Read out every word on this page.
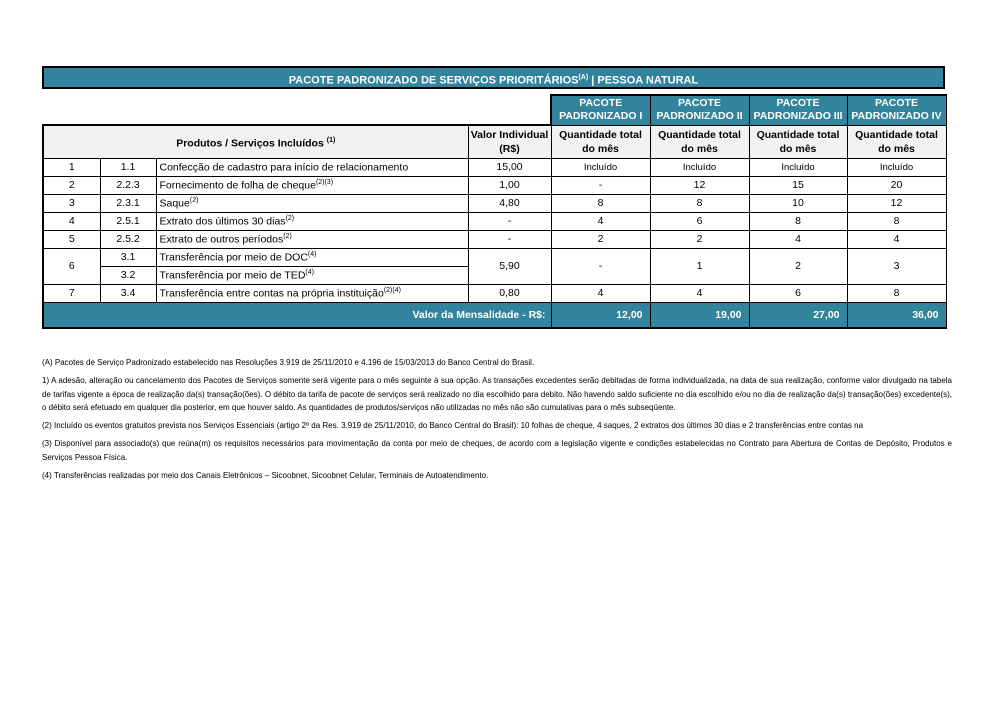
PACOTE PADRONIZADO DE SERVIÇOS $PRIORITÁRIOS^{(A)}$ | PESSOA NATURAL
				PACOTE PADRONIZADO I	PACOTE PADRONIZADO II	PACOTE PADRONIZADO III	PACOTE PADRONIZADO IV
Produtos / Serviços Incluídos $^{(1)}$			Valor Individual (R$)	Quantidade total do mês	Quantidade total do mês	Quantidade total do mês	Quantidade total do mês
1	1.1	Confecção de cadastro para início de relacionamento	15,00	Incluído	Incluído	Incluído	Incluído
2	2.2.3	Fornecimento de folha de cheque$^{(2)(3)}$	1,00	-	12	15	20
3	2.3.1	Saque$^{(2)}$	4,80	8	8	10	12
4	2.5.1	Extrato dos últimos 30 dias$^{(2)}$	-	4	6	8	8
5	2.5.2	Extrato de outros períodos$^{(2)}$	-	2	2	4	4
6	3.1	Transferência por meio de DOC$^{(4)}$	5,90	-	1	2	3
	3.2	Transferência por meio de TED$^{(4)}$
7	3.4	Transferência entre contas na própria instituição$^{(2)(4)}$	0,80	4	4	6	8
Valor da Mensalidade - R$:				12,00	19,00	27,00	36,00

(A) Pacotes de Serviço Padronizado estabelecido nas Resoluções 3.919 de 25/11/2010 e 4.196 de 15/03/2013 do Banco Central do Brasil.

1) A adesão, alteração ou cancelamento dos Pacotes de Serviços somente será vigente para o mês seguinte à sua opção. As transações excedentes serão debitadas de forma individualizada, na data de sua realização, conforme valor divulgado na tabela de tarifas vigente a época de realização da(s) transação(ões). O débito da tarifa de pacote de serviços será realizado no dia escolhido para debito. Não havendo saldo suficiente no dia escolhido e/ou no dia de realização da(s) transação(ões) excedente(s), o débito será efetuado em qualquer dia posterior, em que houver saldo. As quantidades de produtos/serviços não utilizadas no mês não são cumulativas para o mês subseqüente.

(2) Incluído os eventos gratuitos prevista nos Serviços Essenciais (artigo 2º da Res. 3.919 de 25/11/2010, do Banco Central do Brasil): 10 folhas de cheque, 4 saques, 2 extratos dos últimos 30 dias e 2 transferências entre contas na

(3) Disponível para associado(s) que reúna(m) os requisitos necessários para movimentação da conta por meio de cheques, de acordo com a legislação vigente e condições estabelecidas no Contrato para Abertura de Contas de Depósito, Produtos e Serviços Pessoa Física.

(4) Transferências realizadas por meio dos Canais Eletrônicos – Sicoobnet, Sicoobnet Celular, Terminais de Autoatendimento.
